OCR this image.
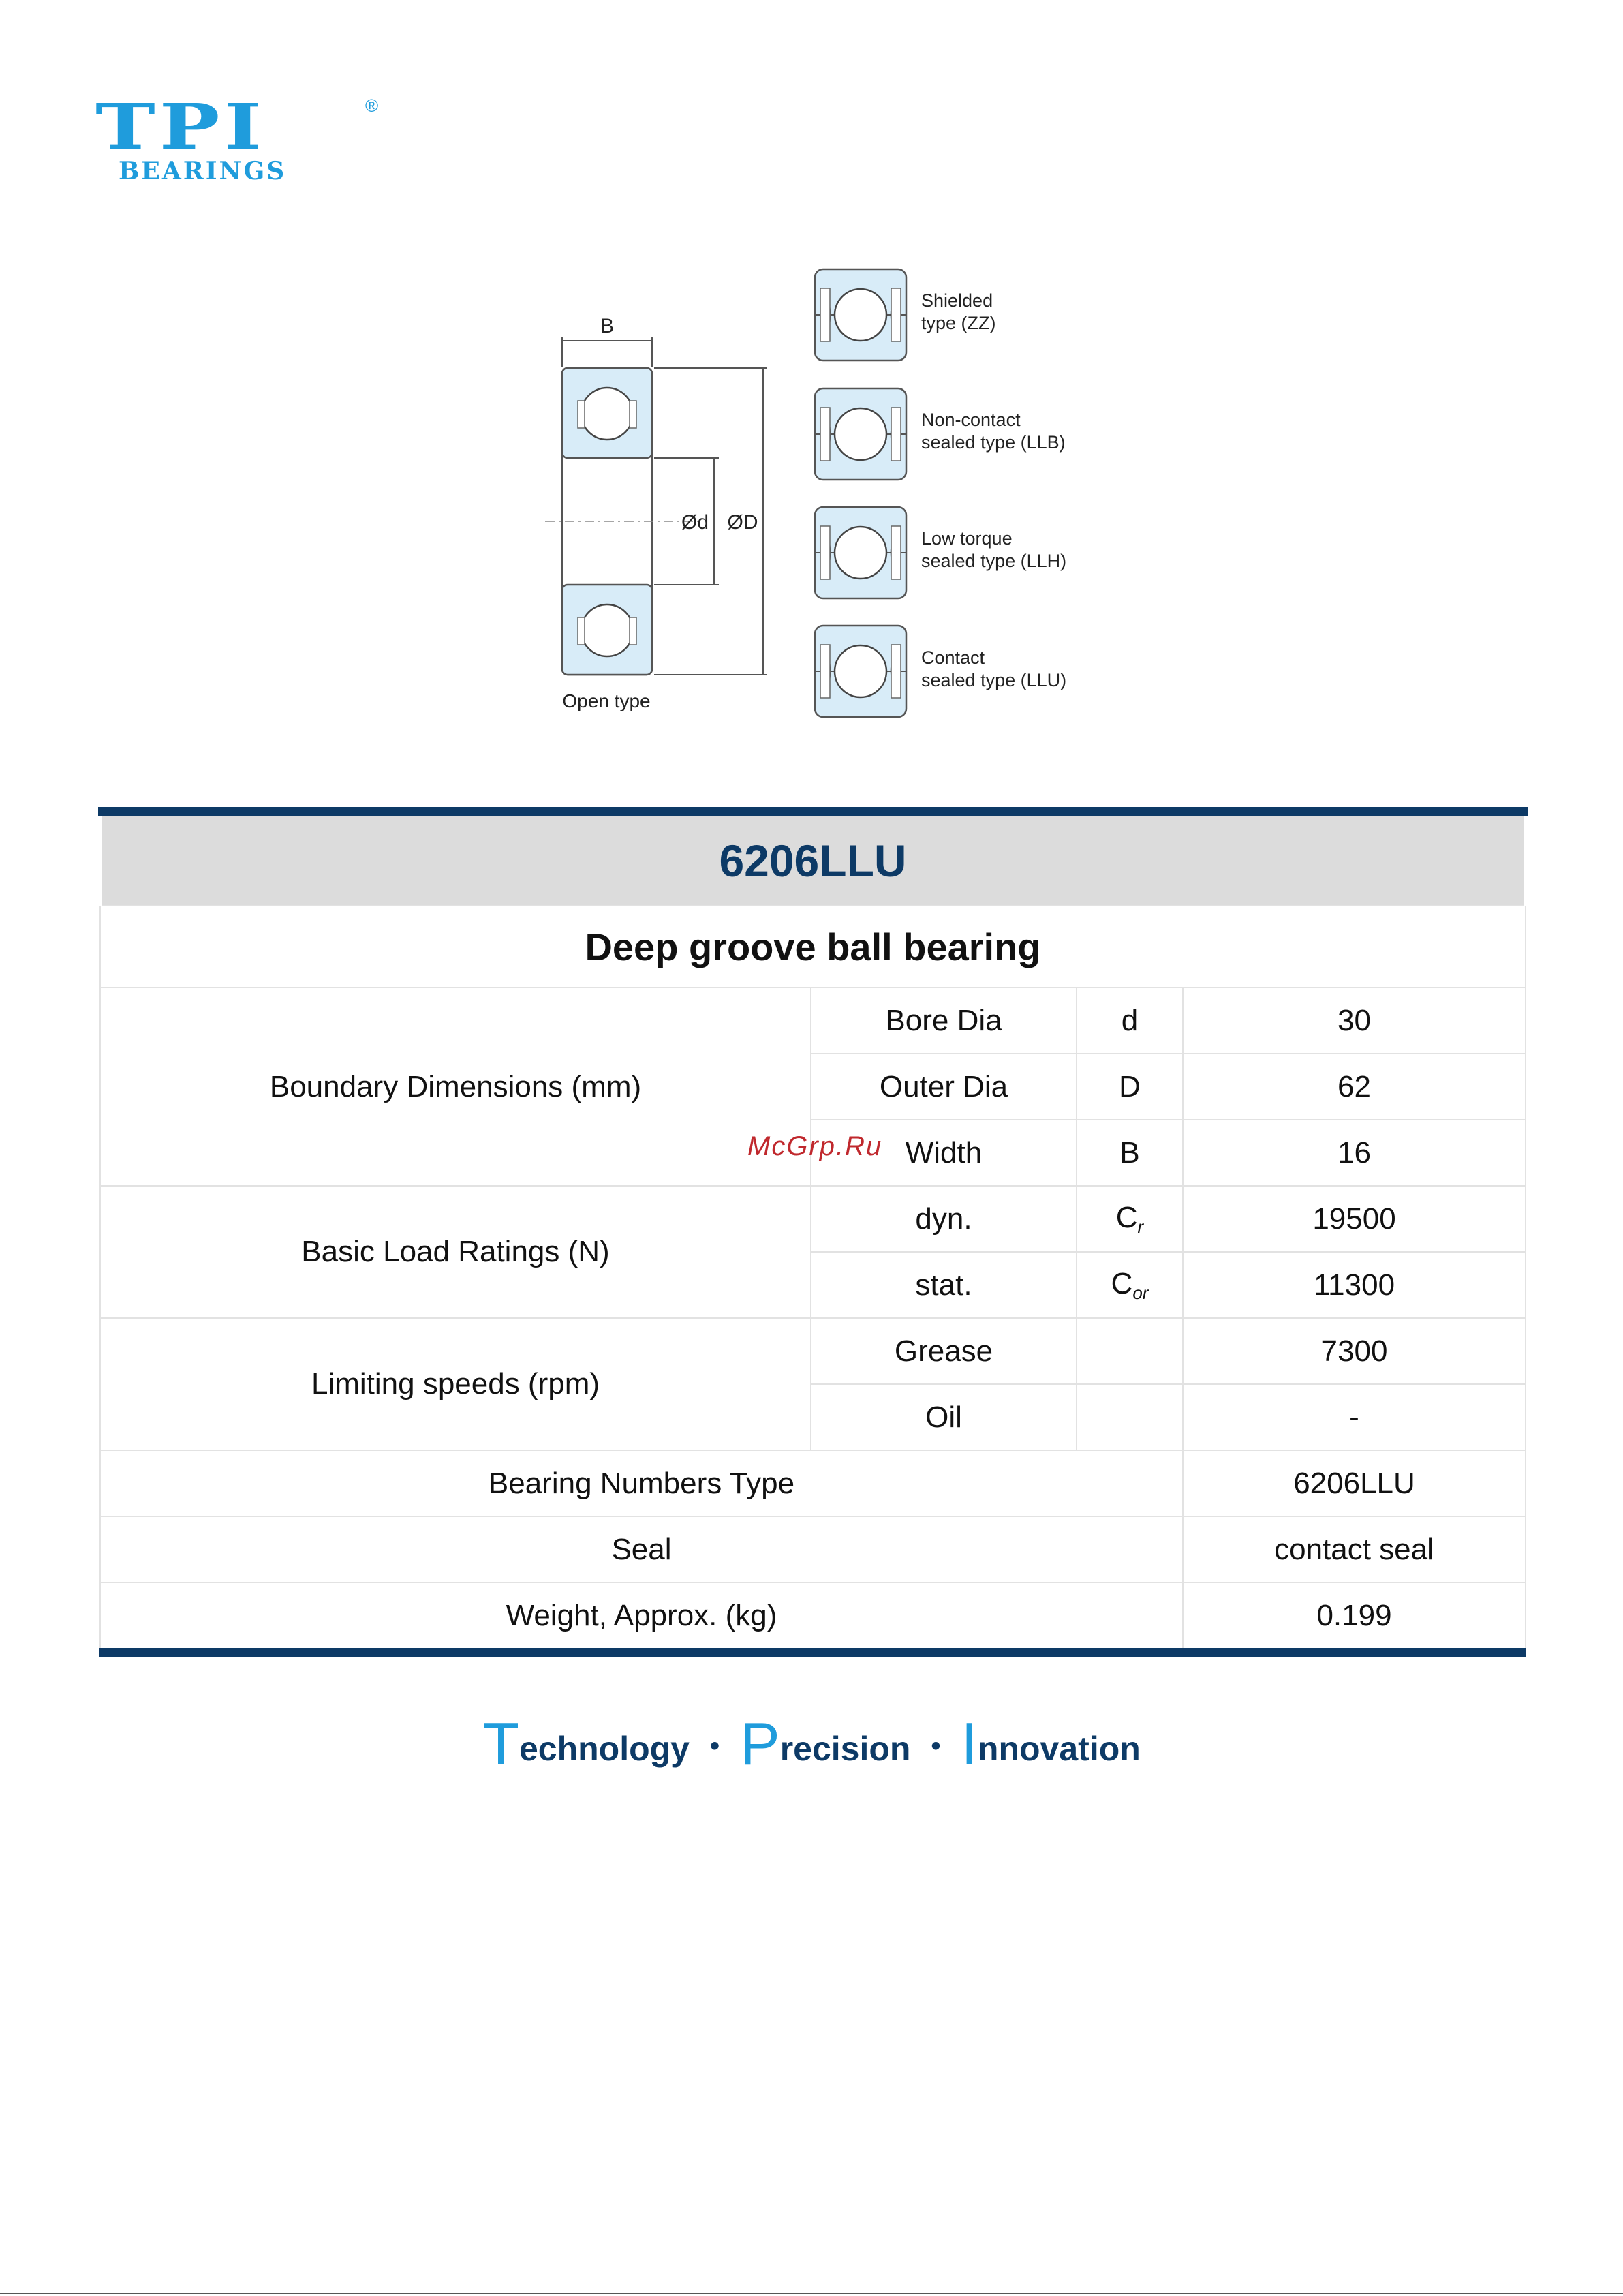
TPI	®
BEARINGS
B
Ød ØD
Open type
Shielded
type (ZZ)
Non-contact
sealed type (LLB)
Low torque
sealed type (LLH)
Contact
sealed type (LLU)
6206LLU			
Deep groove ball bearing			
Boundary Dimensions (mm)	Bore Dia	d	30
	Outer Dia	D	62
	Width	B	16
Basic Load Ratings (N)	dyn.	$C_r$	19500
	stat.	$C_{or}$	11300
Limiting speeds (rpm)	Grease		7300
	Oil		-
Bearing Numbers Type			6206LLU
Seal			contact seal
Weight, Approx. (kg)			0.199
McGrp.Ru
Technology • Precision • Innovation
